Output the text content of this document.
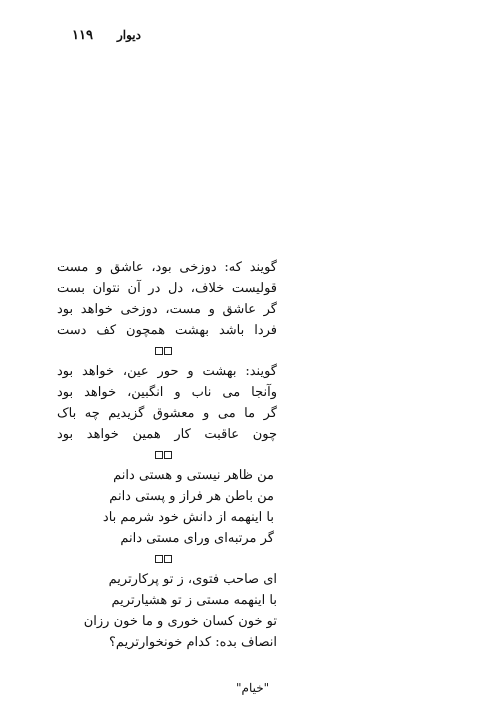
۱۱۹ دیوار
گویند که: دوزخی بود، عاشق و مست
قولیست خلاف، دل در آن نتوان بست
گر عاشق و مست، دوزخی خواهد بود
فردا باشد بهشت همچون کف دست
گویند: بهشت و حور عین، خواهد بود
وآنجا می ناب و انگبین، خواهد بود
گر ما می و معشوق گزیدیم چه باک
چون عاقبت کار همین خواهد بود
من ظاهر نیستی و هستی دانم
من باطن هر فراز و پستی دانم
با اینهمه از دانش خود شرمم باد
گر مرتبه‌ای ورای مستی دانم
ای صاحب فتوی، ز تو پرکارتریم
با اینهمه مستی ز تو هشیارتریم
تو خون کسان خوری و ما خون رزان
انصاف بده: کدام خونخوارتریم؟
"خیام"
